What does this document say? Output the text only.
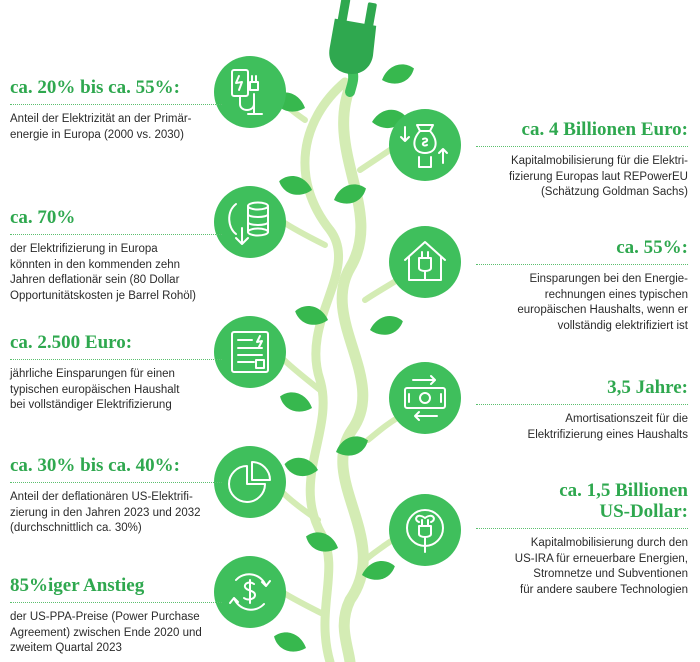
ca. 20% bis ca. 55%:
Anteil der Elektrizität an der Primär-
energie in Europa (2000 vs. 2030)	ca. 4 Billionen Euro:
Kapitalmobilisierung für die Elektri-
fizierung Europas laut REPowerEU
(Schätzung Goldman Sachs)
ca. 70%
der Elektrifizierung in Europa
könnten in den kommenden zehn
Jahren deflationär sein (80 Dollar
Opportunitätskosten je Barrel Rohöl)
ca. 55%:
Einsparungen bei den Energie-
rechnungen eines typischen
europäischen Haushalts, wenn er
vollständig elektrifiziert ist
ca. 2.500 Euro:
jährliche Einsparungen für einen
typischen europäischen Haushalt
bei vollständiger Elektrifizierung
3,5 Jahre:
Amortisationszeit für die
Elektrifizierung eines Haushalts
ca. 30% bis ca. 40%:
Anteil der deflationären US-Elektrifi-
zierung in den Jahren 2023 und 2032
(durchschnittlich ca. 30%)
ca. 1,5 Billionen
US-Dollar:
Kapitalmobilisierung durch den
US-IRA für erneuerbare Energien,
Stromnetze und Subventionen
für andere saubere Technologien
85%iger Anstieg
der US-PPA-Preise (Power Purchase
Agreement) zwischen Ende 2020 und
zweitem Quartal 2023
